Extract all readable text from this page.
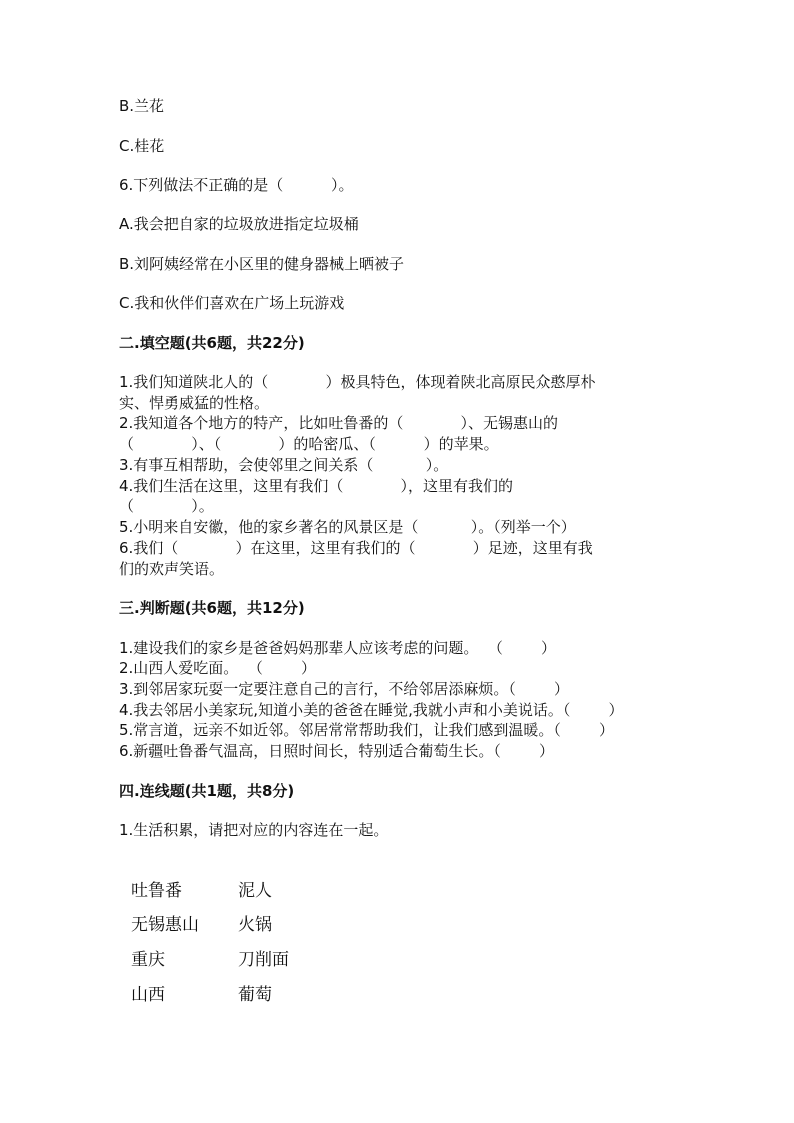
B.兰花

C.桂花

6.下列做法不正确的是（          ）。

A.我会把自家的垃圾放进指定垃圾桶

B.刘阿姨经常在小区里的健身器械上晒被子

C.我和伙伴们喜欢在广场上玩游戏

二.填空题(共6题，共22分)

1.我们知道陕北人的（            ）极具特色，体现着陕北高原民众憨厚朴

实、悍勇威猛的性格。

2.我知道各个地方的特产，比如吐鲁番的（            ）、无锡惠山的

（            ）、（            ）的哈密瓜、（          ）的苹果。

3.有事互相帮助，会使邻里之间关系（           ）。

4.我们生活在这里，这里有我们（            ），这里有我们的

（            ）。

5.小明来自安徽，他的家乡著名的风景区是（           ）。（列举一个）

6.我们（            ）在这里，这里有我们的（            ）足迹，这里有我

们的欢声笑语。

三.判断题(共6题，共12分)

1.建设我们的家乡是爸爸妈妈那辈人应该考虑的问题。  （        ）

2.山西人爱吃面。  （        ）

3.到邻居家玩耍一定要注意自己的言行，不给邻居添麻烦。（        ）

4.我去邻居小美家玩,知道小美的爸爸在睡觉,我就小声和小美说话。（        ）

5.常言道，远亲不如近邻。邻居常常帮助我们，让我们感到温暖。（        ）

6.新疆吐鲁番气温高，日照时间长，特别适合葡萄生长。（        ）

四.连线题(共1题，共8分)

1.生活积累，请把对应的内容连在一起。

吐鲁番	泥人

无锡惠山 火锅

重庆	刀削面

山西	葡萄
